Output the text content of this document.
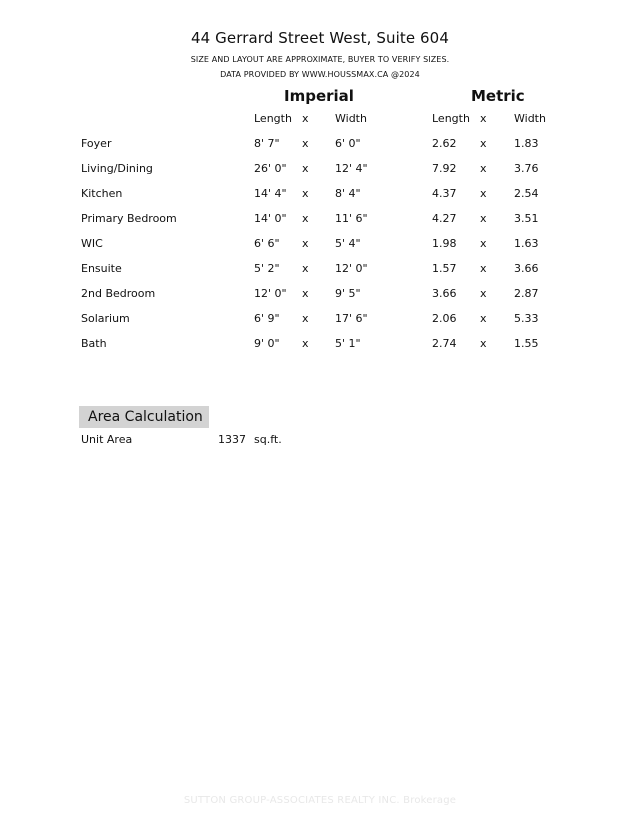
44 Gerrard Street West, Suite 604
SIZE AND LAYOUT ARE APPROXIMATE, BUYER TO VERIFY SIZES.
DATA PROVIDED BY WWW.HOUSSMAX.CA @2024
Imperial	Metric
Length x Width	Length x Width
Foyer	8' 7" x 6' 0"	2.62 x 1.83
Living/Dining	26' 0" x 12' 4"	7.92 x 3.76
Kitchen	14' 4" x 8' 4"	4.37 x 2.54
Primary Bedroom	14' 0" x 11' 6"	4.27 x 3.51
WIC	6' 6" x 5' 4"	1.98 x 1.63
Ensuite	5' 2" x 12' 0"	1.57 x 3.66
2nd Bedroom	12' 0" x 9' 5"	3.66 x 2.87
Solarium	6' 9" x 17' 6"	2.06 x 5.33
Bath	9' 0" x 5' 1"	2.74 x 1.55
Area Calculation
Unit Area	1337 sq.ft.
SUTTON GROUP-ASSOCIATES REALTY INC. Brokerage
